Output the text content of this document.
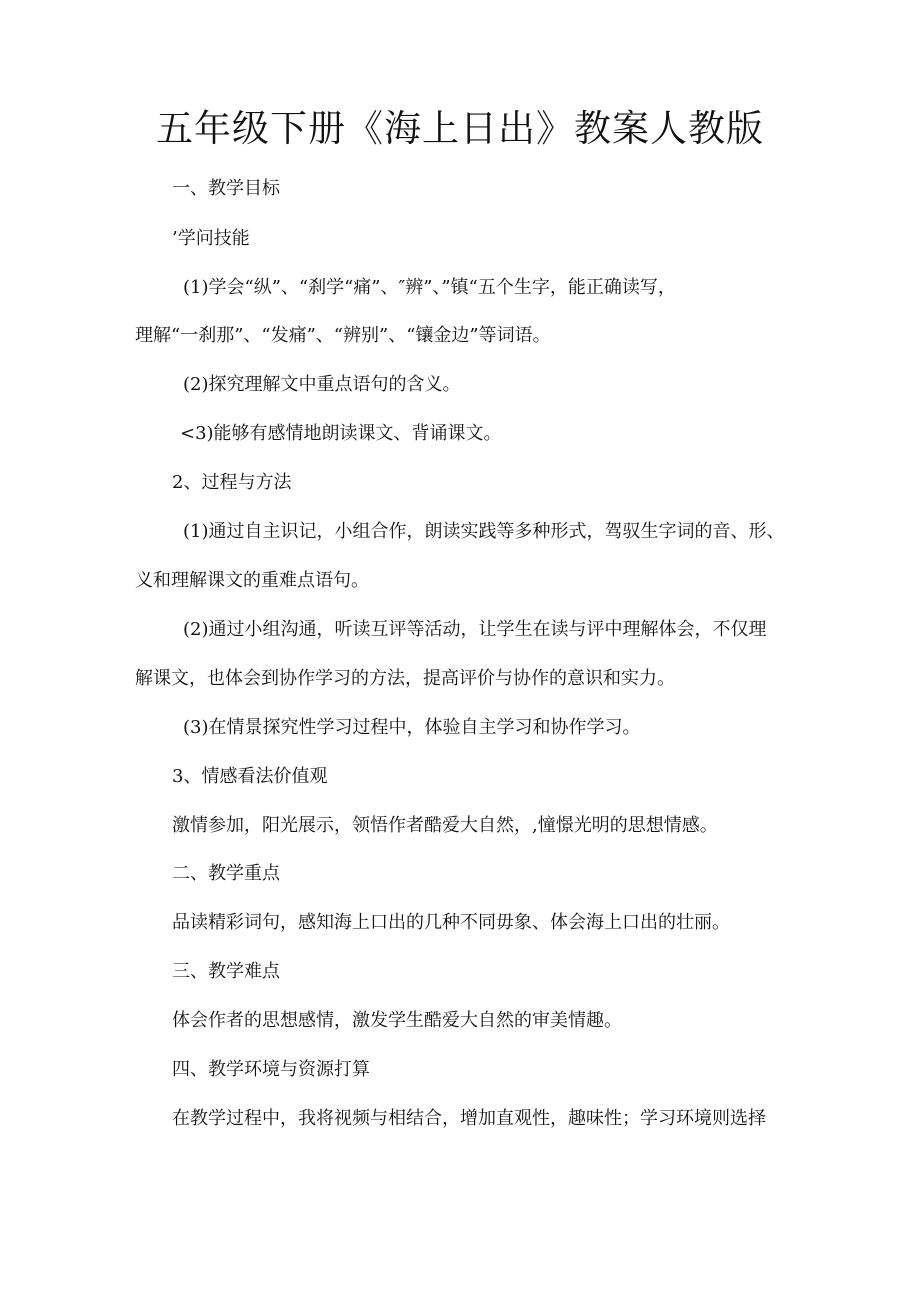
五年级下册《海上日出》教案人教版
一、教学目标
’学问技能
(1)学会“纵”、“刹学“痛”、″辨”、”镇“五个生字，能正确读写，
理解“一刹那”、“发痛”、“辨别”、“镶金边”等词语。
(2)探究理解文中重点语句的含义。
<3)能够有感情地朗读课文、背诵课文。
2、过程与方法
(1)通过自主识记，小组合作，朗读实践等多种形式，驾驭生字词的音、形、
义和理解课文的重难点语句。
(2)通过小组沟通，听读互评等活动，让学生在读与评中理解体会，不仅理
解课文，也体会到协作学习的方法，提高评价与协作的意识和实力。
(3)在情景探究性学习过程中，体验自主学习和协作学习。
3、情感看法价值观
激情参加，阳光展示，领悟作者酷爱大自然，,憧憬光明的思想情感。
二、教学重点
品读精彩词句，感知海上口出的几种不同毋象、体会海上口出的壮丽。
三、教学难点
体会作者的思想感情，激发学生酷爱大自然的审美情趣。
四、教学环境与资源打算
在教学过程中，我将视频与相结合，增加直观性，趣味性；学习环境则选择
